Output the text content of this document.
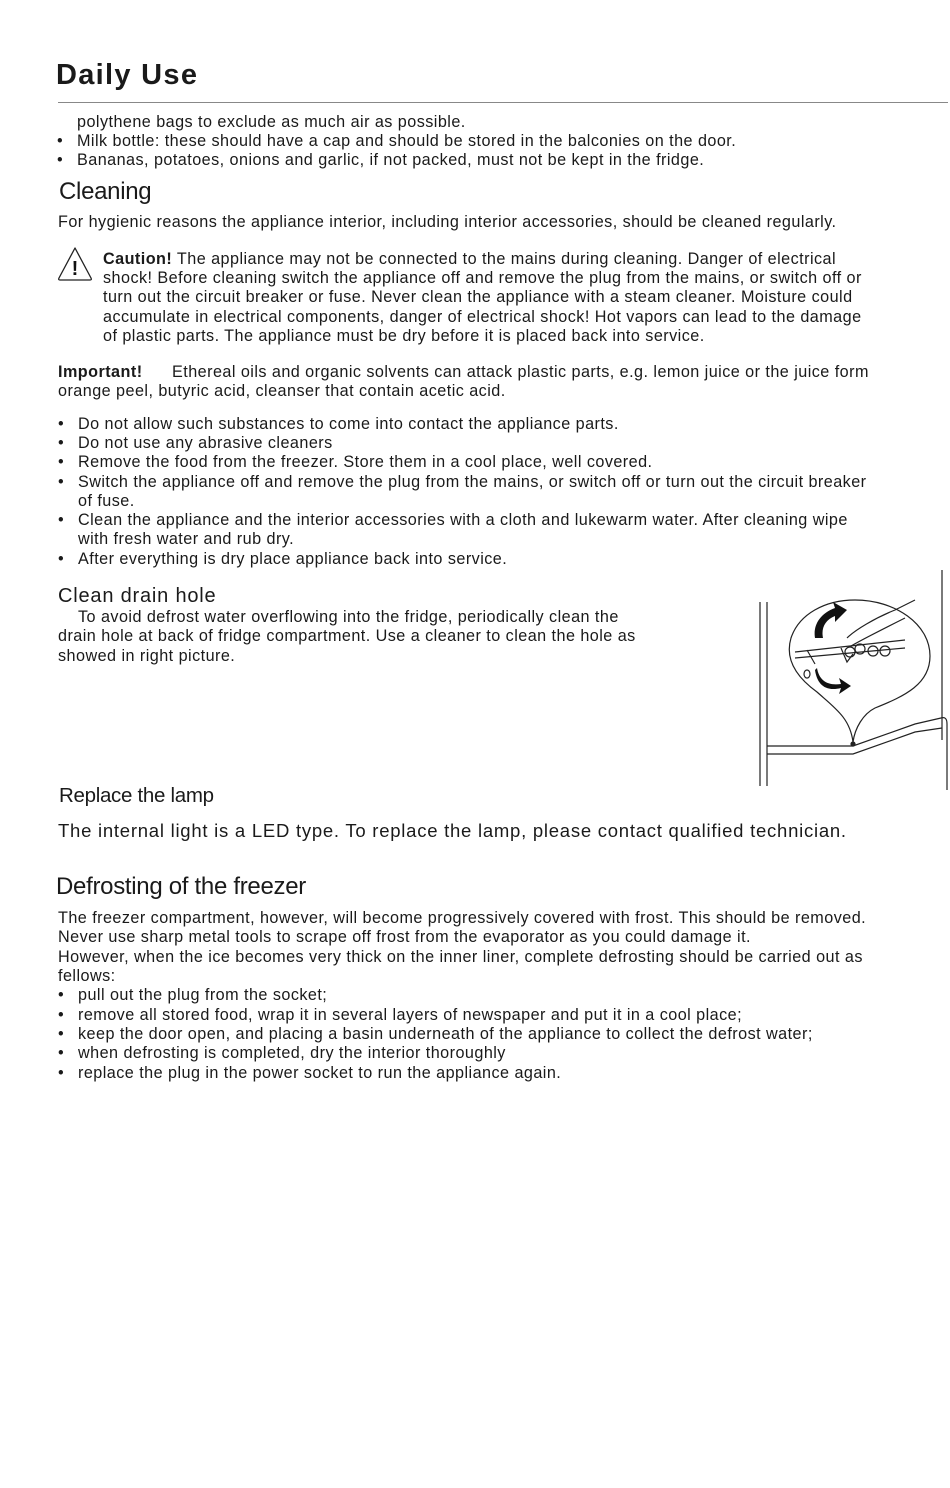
Daily Use
polythene bags to exclude as much air as possible.
• Milk bottle: these should have a cap and should be stored in the balconies on the door.
• Bananas, potatoes, onions and garlic, if not packed, must not be kept in the fridge.
Cleaning
For hygienic reasons the appliance interior, including interior accessories, should be cleaned regularly.
! Caution! The appliance may not be connected to the mains during cleaning. Danger of electrical
shock! Before cleaning switch the appliance off and remove the plug from the mains, or switch off or
turn out the circuit breaker or fuse. Never clean the appliance with a steam cleaner. Moisture could
accumulate in electrical components, danger of electrical shock! Hot vapors can lead to the damage
of plastic parts. The appliance must be dry before it is placed back into service.
Important! Ethereal oils and organic solvents can attack plastic parts, e.g. lemon juice or the juice form
orange peel, butyric acid, cleanser that contain acetic acid.
• Do not allow such substances to come into contact the appliance parts.
• Do not use any abrasive cleaners
• Remove the food from the freezer. Store them in a cool place, well covered.
• Switch the appliance off and remove the plug from the mains, or switch off or turn out the circuit breaker
of fuse.
• Clean the appliance and the interior accessories with a cloth and lukewarm water. After cleaning wipe
with fresh water and rub dry.
• After everything is dry place appliance back into service.
Clean drain hole
To avoid defrost water overflowing into the fridge, periodically clean the
drain hole at back of fridge compartment. Use a cleaner to clean the hole as
showed in right picture.
Replace the lamp
The internal light is a LED type. To replace the lamp, please contact qualified technician.
Defrosting of the freezer
The freezer compartment, however, will become progressively covered with frost. This should be removed.
Never use sharp metal tools to scrape off frost from the evaporator as you could damage it.
However, when the ice becomes very thick on the inner liner, complete defrosting should be carried out as
fellows:
• pull out the plug from the socket;
• remove all stored food, wrap it in several layers of newspaper and put it in a cool place;
• keep the door open, and placing a basin underneath of the appliance to collect the defrost water;
• when defrosting is completed, dry the interior thoroughly
• replace the plug in the power socket to run the appliance again.
